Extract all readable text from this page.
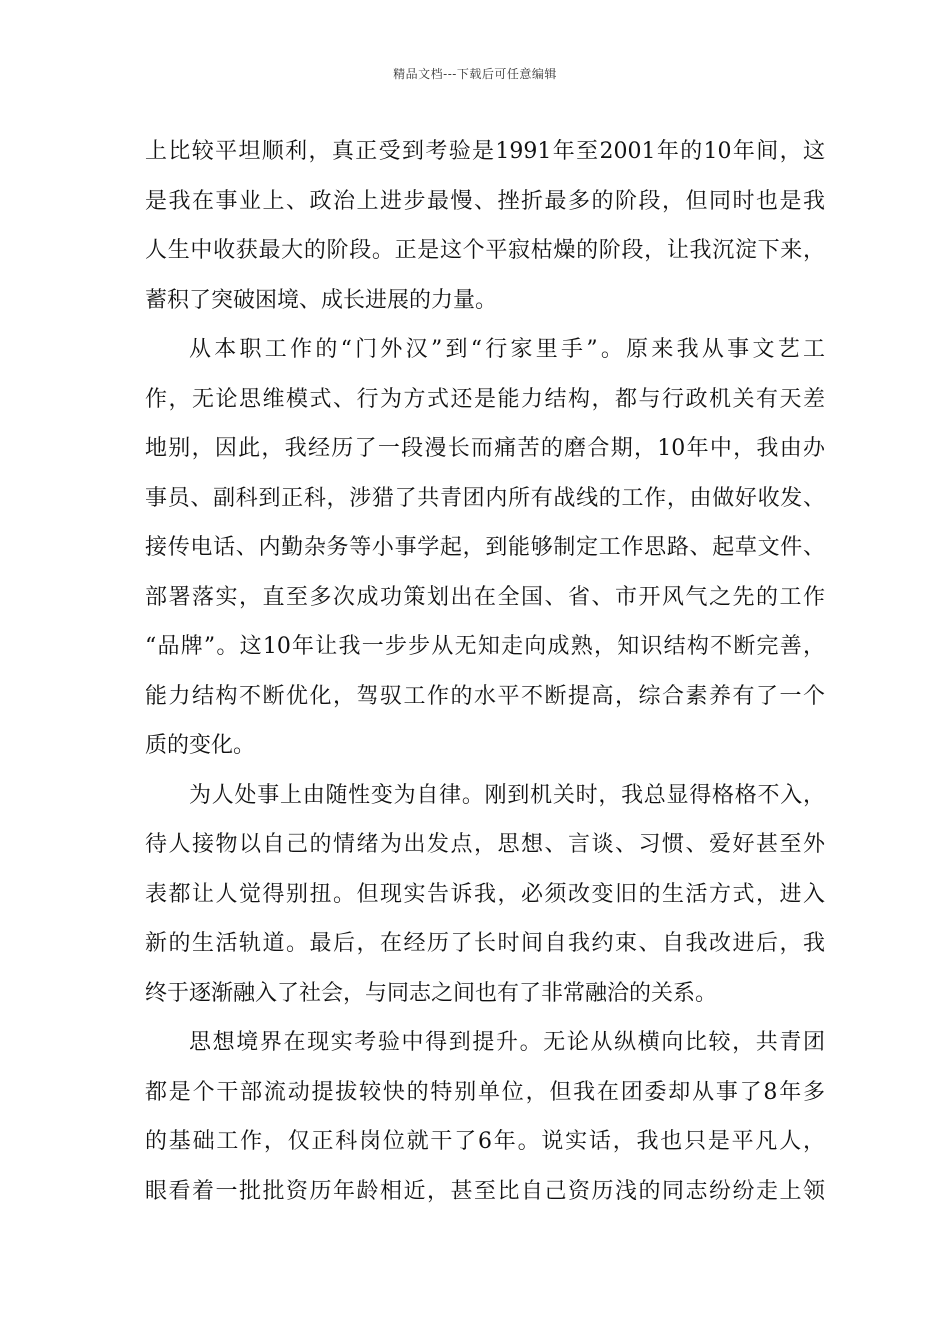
精品文档---下载后可任意编辑
上比较平坦顺利，真正受到考验是1991年至2001年的10年间，这
是我在事业上、政治上进步最慢、挫折最多的阶段，但同时也是我
人生中收获最大的阶段。正是这个平寂枯燥的阶段，让我沉淀下来，
蓄积了突破困境、成长进展的力量。
从本职工作的“门外汉”到“行家里手”。原来我从事文艺工
作，无论思维模式、行为方式还是能力结构，都与行政机关有天差
地别，因此，我经历了一段漫长而痛苦的磨合期，10年中，我由办
事员、副科到正科，涉猎了共青团内所有战线的工作，由做好收发、
接传电话、内勤杂务等小事学起，到能够制定工作思路、起草文件、
部署落实，直至多次成功策划出在全国、省、市开风气之先的工作
“品牌”。这10年让我一步步从无知走向成熟，知识结构不断完善，
能力结构不断优化，驾驭工作的水平不断提高，综合素养有了一个
质的变化。
为人处事上由随性变为自律。刚到机关时，我总显得格格不入，
待人接物以自己的情绪为出发点，思想、言谈、习惯、爱好甚至外
表都让人觉得别扭。但现实告诉我，必须改变旧的生活方式，进入
新的生活轨道。最后，在经历了长时间自我约束、自我改进后，我
终于逐渐融入了社会，与同志之间也有了非常融洽的关系。
思想境界在现实考验中得到提升。无论从纵横向比较，共青团
都是个干部流动提拔较快的特别单位，但我在团委却从事了8年多
的基础工作，仅正科岗位就干了6年。说实话，我也只是平凡人，
眼看着一批批资历年龄相近，甚至比自己资历浅的同志纷纷走上领
